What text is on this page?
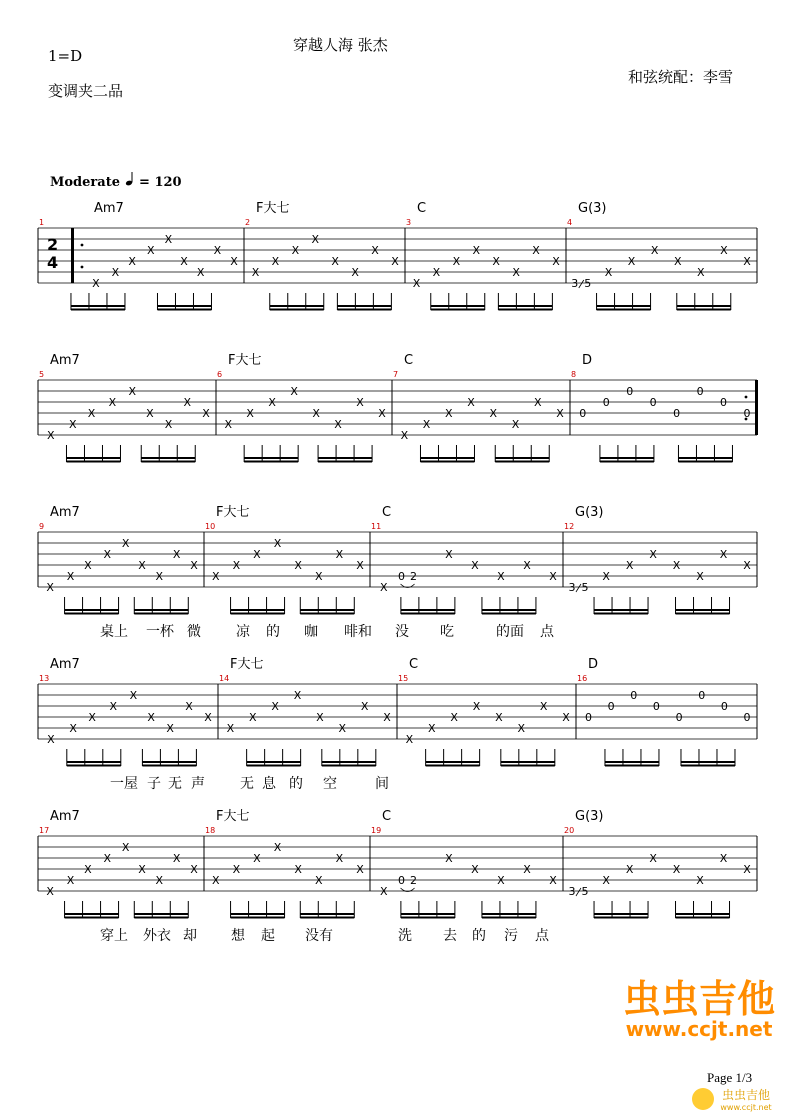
穿越人海 张杰
1=D
变调夹二品
和弦统配：李雪
Moderate = 120
2
4
1
Am7
X
X
X
X
X
X
X
X
X
2
F大七
X
X
X
X
X
X
X
X
3
C
X
X
X
X
X
X
X
X
4
G(3)
3 5
X
X
X
X
X
X
X
5
Am7
X
X
X
X
X
X
X
X
X
6
F大七
X
X
X
X
X
X
X
X
7
C
X
X
X
X
X
X
X
X
8
D
0
0
0
0
0
0
0
0
9
Am7
X
X
X
X
X
X
X
X
X
10
F大七
X
X
X
X
X
X
X
X
11
C
X
0 2
X
X
X
X
X
12
G(3)
3 5
X
X
X
X
X
X
X
桌上 一杯 微	凉 的 咖 啡和 没 吃	的面 点
13
Am7
X
X
X
X
X
X
X
X
X
14
F大七
X
X
X
X
X
X
X
X
15
C
X
X
X
X
X
X
X
X
16
D
0
0
0
0
0
0
0
0
一屋 子 无 声	无 息 的 空	间
17
Am7
X
X
X
X
X
X
X
X
X
18
F大七
X
X
X
X
X
X
X
X
19
C
X
0 2
X
X
X
X
X
20
G(3)
3 5
X
X
X
X
X
X
X
穿上 外衣 却 想 起 没有	洗 去 的 污 点
虫虫吉他
www.ccjt.net
Page 1/3
虫虫吉他
www.ccjt.net
